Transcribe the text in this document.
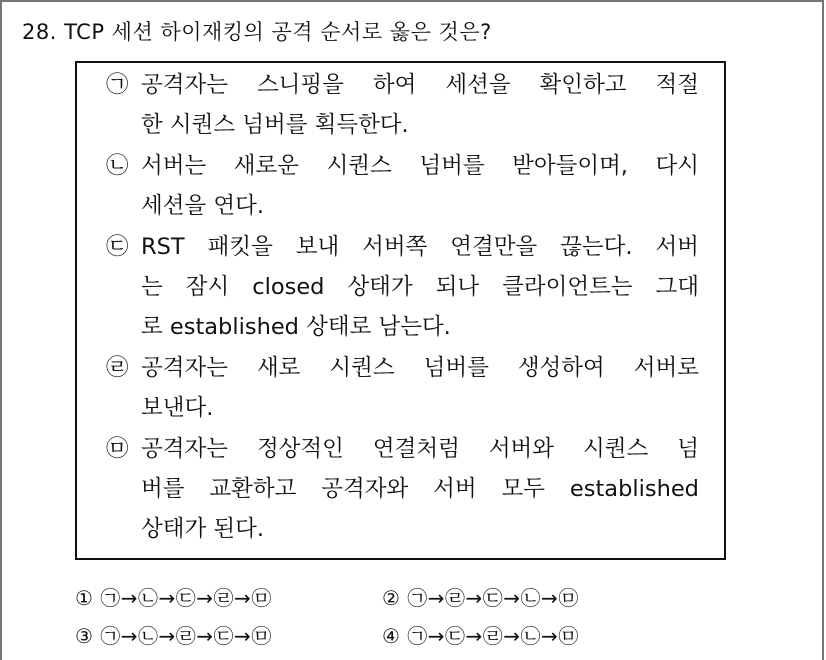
28. TCP 세션 하이재킹의 공격 순서로 옳은 것은?
㉠ 공격자는 스니핑을 하여 세션을 확인하고 적절
한 시퀀스 넘버를 획득한다.
㉡ 서버는 새로운 시퀀스 넘버를 받아들이며, 다시
세션을 연다.
㉢ RST 패킷을 보내 서버쪽 연결만을 끊는다. 서버
는 잠시 closed 상태가 되나 클라이언트는 그대
로 established 상태로 남는다.
㉣ 공격자는 새로 시퀀스 넘버를 생성하여 서버로
보낸다.
㉤ 공격자는 정상적인 연결처럼 서버와 시퀀스 넘
버를 교환하고 공격자와 서버 모두 established
상태가 된다.
① ㉠→㉡→㉢→㉣→㉤	② ㉠→㉣→㉢→㉡→㉤
③ ㉠→㉡→㉣→㉢→㉤	④ ㉠→㉢→㉣→㉡→㉤
